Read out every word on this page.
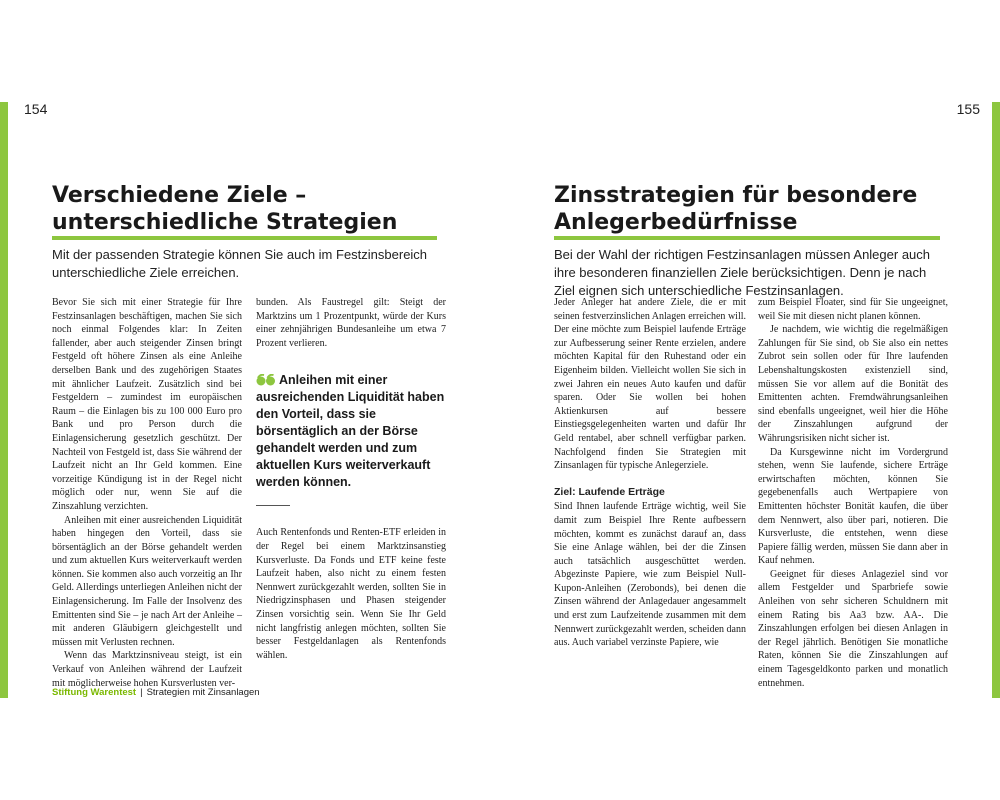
154	155
Verschiedene Ziele –
unterschiedliche Strategien

Mit der passenden Strategie können Sie auch im Festzinsbereich unterschiedliche Ziele erreichen.

Bevor Sie sich mit einer Strategie für Ihre Festzinsanlagen beschäftigen, machen Sie sich noch einmal Folgendes klar: In Zeiten fallender, aber auch steigender Zinsen bringt Festgeld oft höhere Zinsen als eine Anleihe derselben Bank und des zugehörigen Staates mit ähnlicher Laufzeit. Zusätzlich sind bei Festgeldern – zumindest im europäischen Raum – die Einlagen bis zu 100 000 Euro pro Bank und pro Person durch die Einlagensicherung gesetzlich geschützt. Der Nachteil von Festgeld ist, dass Sie während der Laufzeit nicht an Ihr Geld kommen. Eine vorzeitige Kündigung ist in der Regel nicht möglich oder nur, wenn Sie auf die Zinszahlung verzichten.

Anleihen mit einer ausreichenden Liquidität haben hingegen den Vorteil, dass sie börsentäglich an der Börse gehandelt werden und zum aktuellen Kurs weiterverkauft werden können. Sie kommen also auch vorzeitig an Ihr Geld. Allerdings unterliegen Anleihen nicht der Einlagensicherung. Im Falle der Insolvenz des Emittenten sind Sie – je nach Art der Anleihe – mit anderen Gläubigern gleichgestellt und müssen mit Verlusten rechnen.

Wenn das Marktzinsniveau steigt, ist ein Verkauf von Anleihen während der Laufzeit mit möglicherweise hohen Kursverlusten ver-

bunden. Als Faustregel gilt: Steigt der Marktzins um 1 Prozentpunkt, würde der Kurs einer zehnjährigen Bundesanleihe um etwa 7 Prozent verlieren.

Anleihen mit einer ausreichenden Liquidität haben den Vorteil, dass sie börsentäglich an der Börse gehandelt werden und zum aktuellen Kurs weiterverkauft werden können.

Auch Rentenfonds und Renten-ETF erleiden in der Regel bei einem Marktzinsanstieg Kursverluste. Da Fonds und ETF keine feste Laufzeit haben, also nicht zu einem festen Nennwert zurückgezahlt werden, sollten Sie in Niedrigzinsphasen und Phasen steigender Zinsen vorsichtig sein. Wenn Sie Ihr Geld nicht langfristig anlegen möchten, sollten Sie besser Festgeldanlagen als Rentenfonds wählen.

Stiftung Warentest | Strategien mit Zinsanlagen
Zinsstrategien für besondere
Anlegerbedürfnisse

Bei der Wahl der richtigen Festzinsanlagen müssen Anleger auch ihre besonderen finanziellen Ziele berücksichtigen. Denn je nach Ziel eignen sich unterschiedliche Festzinsanlagen.

Jeder Anleger hat andere Ziele, die er mit seinen festverzinslichen Anlagen erreichen will. Der eine möchte zum Beispiel laufende Erträge zur Aufbesserung seiner Rente erzielen, andere möchten Kapital für den Ruhestand oder ein Eigenheim bilden. Vielleicht wollen Sie sich in zwei Jahren ein neues Auto kaufen und dafür sparen. Oder Sie wollen bei hohen Aktienkursen auf bessere Einstiegsgelegenheiten warten und dafür Ihr Geld rentabel, aber schnell verfügbar parken. Nachfolgend finden Sie Strategien mit Zinsanlagen für typische Anlegerziele.

Ziel: Laufende Erträge

Sind Ihnen laufende Erträge wichtig, weil Sie damit zum Beispiel Ihre Rente aufbessern möchten, kommt es zunächst darauf an, dass Sie eine Anlage wählen, bei der die Zinsen auch tatsächlich ausgeschüttet werden. Abgezinste Papiere, wie zum Beispiel Null-Kupon-Anleihen (Zerobonds), bei denen die Zinsen während der Anlagedauer angesammelt und erst zum Laufzeitende zusammen mit dem Nennwert zurückgezahlt werden, scheiden dann aus. Auch variabel verzinste Papiere, wie

zum Beispiel Floater, sind für Sie ungeeignet, weil Sie mit diesen nicht planen können.

Je nachdem, wie wichtig die regelmäßigen Zahlungen für Sie sind, ob Sie also ein nettes Zubrot sein sollen oder für Ihre laufenden Lebenshaltungskosten existenziell sind, müssen Sie vor allem auf die Bonität des Emittenten achten. Fremdwährungsanleihen sind ebenfalls ungeeignet, weil hier die Höhe der Zinszahlungen aufgrund der Währungsrisiken nicht sicher ist.

Da Kursgewinne nicht im Vordergrund stehen, wenn Sie laufende, sichere Erträge erwirtschaften möchten, können Sie gegebenenfalls auch Wertpapiere von Emittenten höchster Bonität kaufen, die über dem Nennwert, also über pari, notieren. Die Kursverluste, die entstehen, wenn diese Papiere fällig werden, müssen Sie dann aber in Kauf nehmen.

Geeignet für dieses Anlageziel sind vor allem Festgelder und Sparbriefe sowie Anleihen von sehr sicheren Schuldnern mit einem Rating bis Aa3 bzw. AA-. Die Zinszahlungen erfolgen bei diesen Anlagen in der Regel jährlich. Benötigen Sie monatliche Raten, können Sie die Zinszahlungen auf einem Tagesgeldkonto parken und monatlich entnehmen.
